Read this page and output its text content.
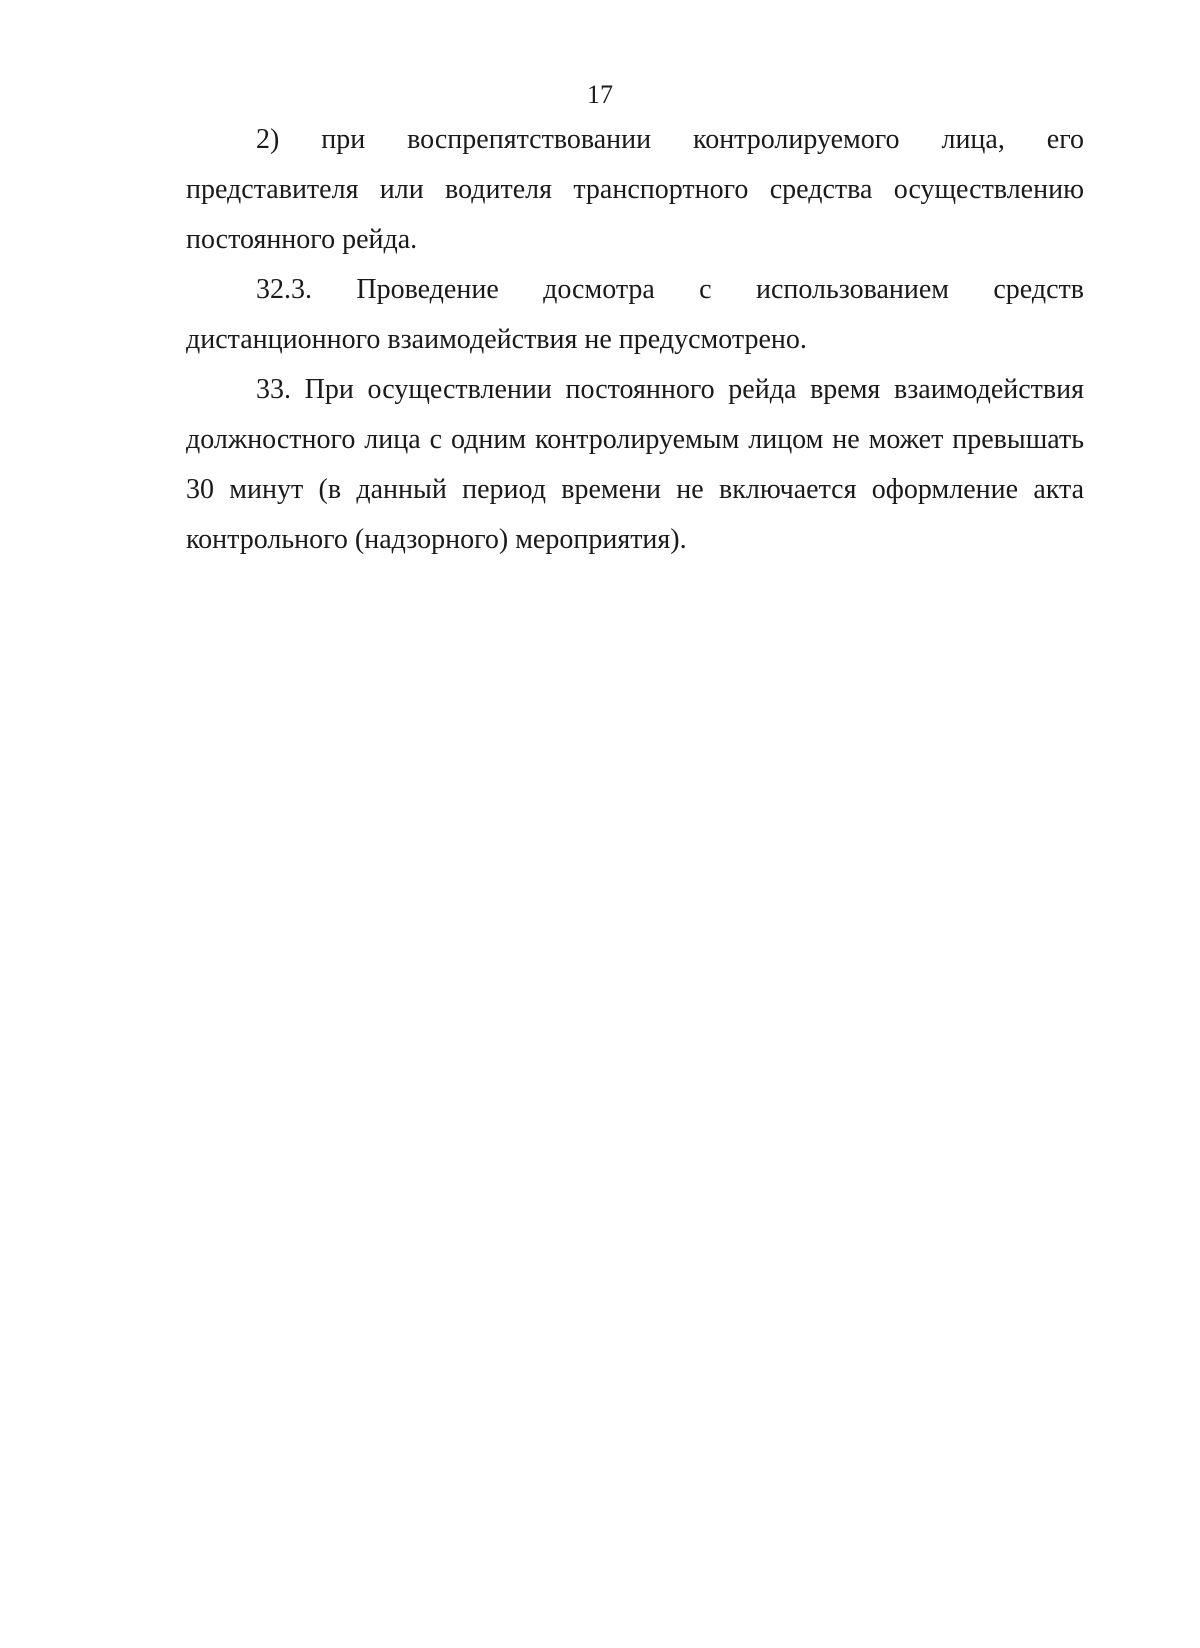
17

2) при воспрепятствовании контролируемого лица, его представителя или водителя транспортного средства осуществлению постоянного рейда.

32.3. Проведение досмотра с использованием средств дистанционного взаимодействия не предусмотрено.

33. При осуществлении постоянного рейда время взаимодействия должностного лица с одним контролируемым лицом не может превышать 30 минут (в данный период времени не включается оформление акта контрольного (надзорного) мероприятия).
